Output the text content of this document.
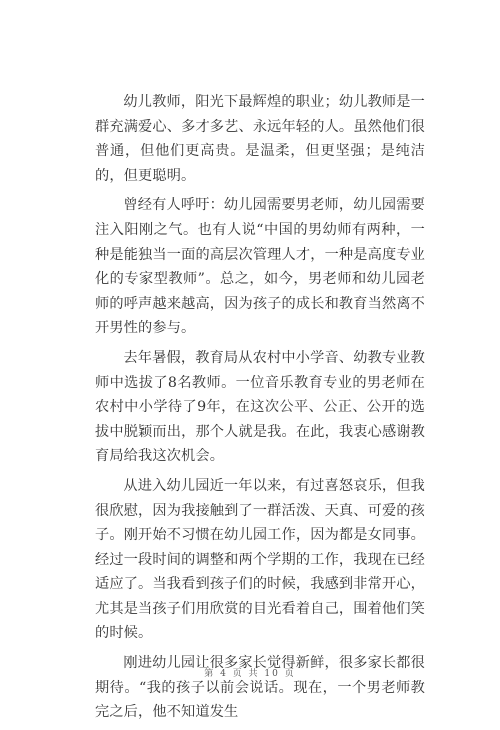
幼儿教师，阳光下最辉煌的职业；幼儿教师是一群充满爱心、多才多艺、永远年轻的人。虽然他们很普通，但他们更高贵。是温柔，但更坚强；是纯洁的，但更聪明。

曾经有人呼吁：幼儿园需要男老师，幼儿园需要注入阳刚之气。也有人说“中国的男幼师有两种，一种是能独当一面的高层次管理人才，一种是高度专业化的专家型教师”。总之，如今，男老师和幼儿园老师的呼声越来越高，因为孩子的成长和教育当然离不开男性的参与。

去年暑假，教育局从农村中小学音、幼教专业教师中选拔了8名教师。一位音乐教育专业的男老师在农村中小学待了9年，在这次公平、公正、公开的选拔中脱颖而出，那个人就是我。在此，我衷心感谢教育局给我这次机会。

从进入幼儿园近一年以来，有过喜怒哀乐，但我很欣慰，因为我接触到了一群活泼、天真、可爱的孩子。刚开始不习惯在幼儿园工作，因为都是女同事。经过一段时间的调整和两个学期的工作，我现在已经适应了。当我看到孩子们的时候，我感到非常开心，尤其是当孩子们用欣赏的目光看着自己，围着他们笑的时候。

刚进幼儿园让很多家长觉得新鲜，很多家长都很期待。“我的孩子以前会说话。现在，一个男老师教完之后，他不知道发生

第 4 页 共 10 页
